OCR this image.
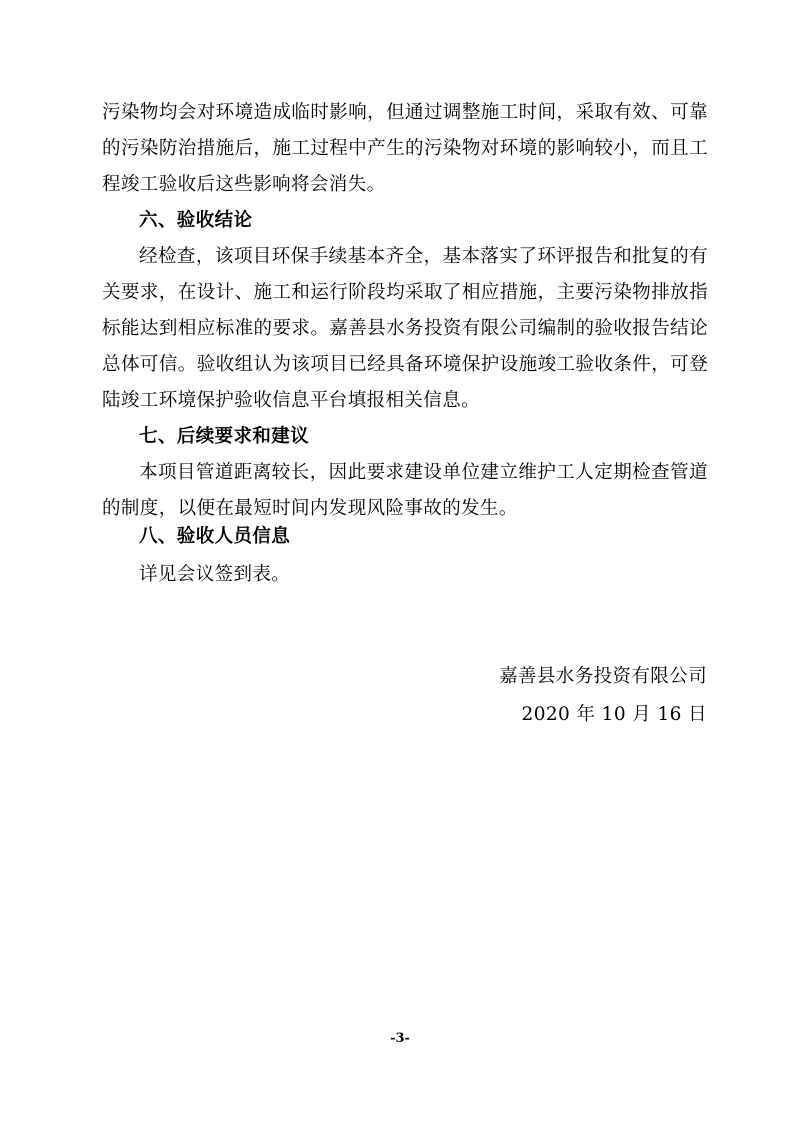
污染物均会对环境造成临时影响，但通过调整施工时间，采取有效、可靠的污染防治措施后，施工过程中产生的污染物对环境的影响较小，而且工程竣工验收后这些影响将会消失。

六、验收结论

经检查，该项目环保手续基本齐全，基本落实了环评报告和批复的有关要求，在设计、施工和运行阶段均采取了相应措施，主要污染物排放指标能达到相应标准的要求。嘉善县水务投资有限公司编制的验收报告结论总体可信。验收组认为该项目已经具备环境保护设施竣工验收条件，可登陆竣工环境保护验收信息平台填报相关信息。

七、后续要求和建议

本项目管道距离较长，因此要求建设单位建立维护工人定期检查管道的制度，以便在最短时间内发现风险事故的发生。

八、验收人员信息

详见会议签到表。

嘉善县水务投资有限公司
2020 年 10 月 16 日
-3-
